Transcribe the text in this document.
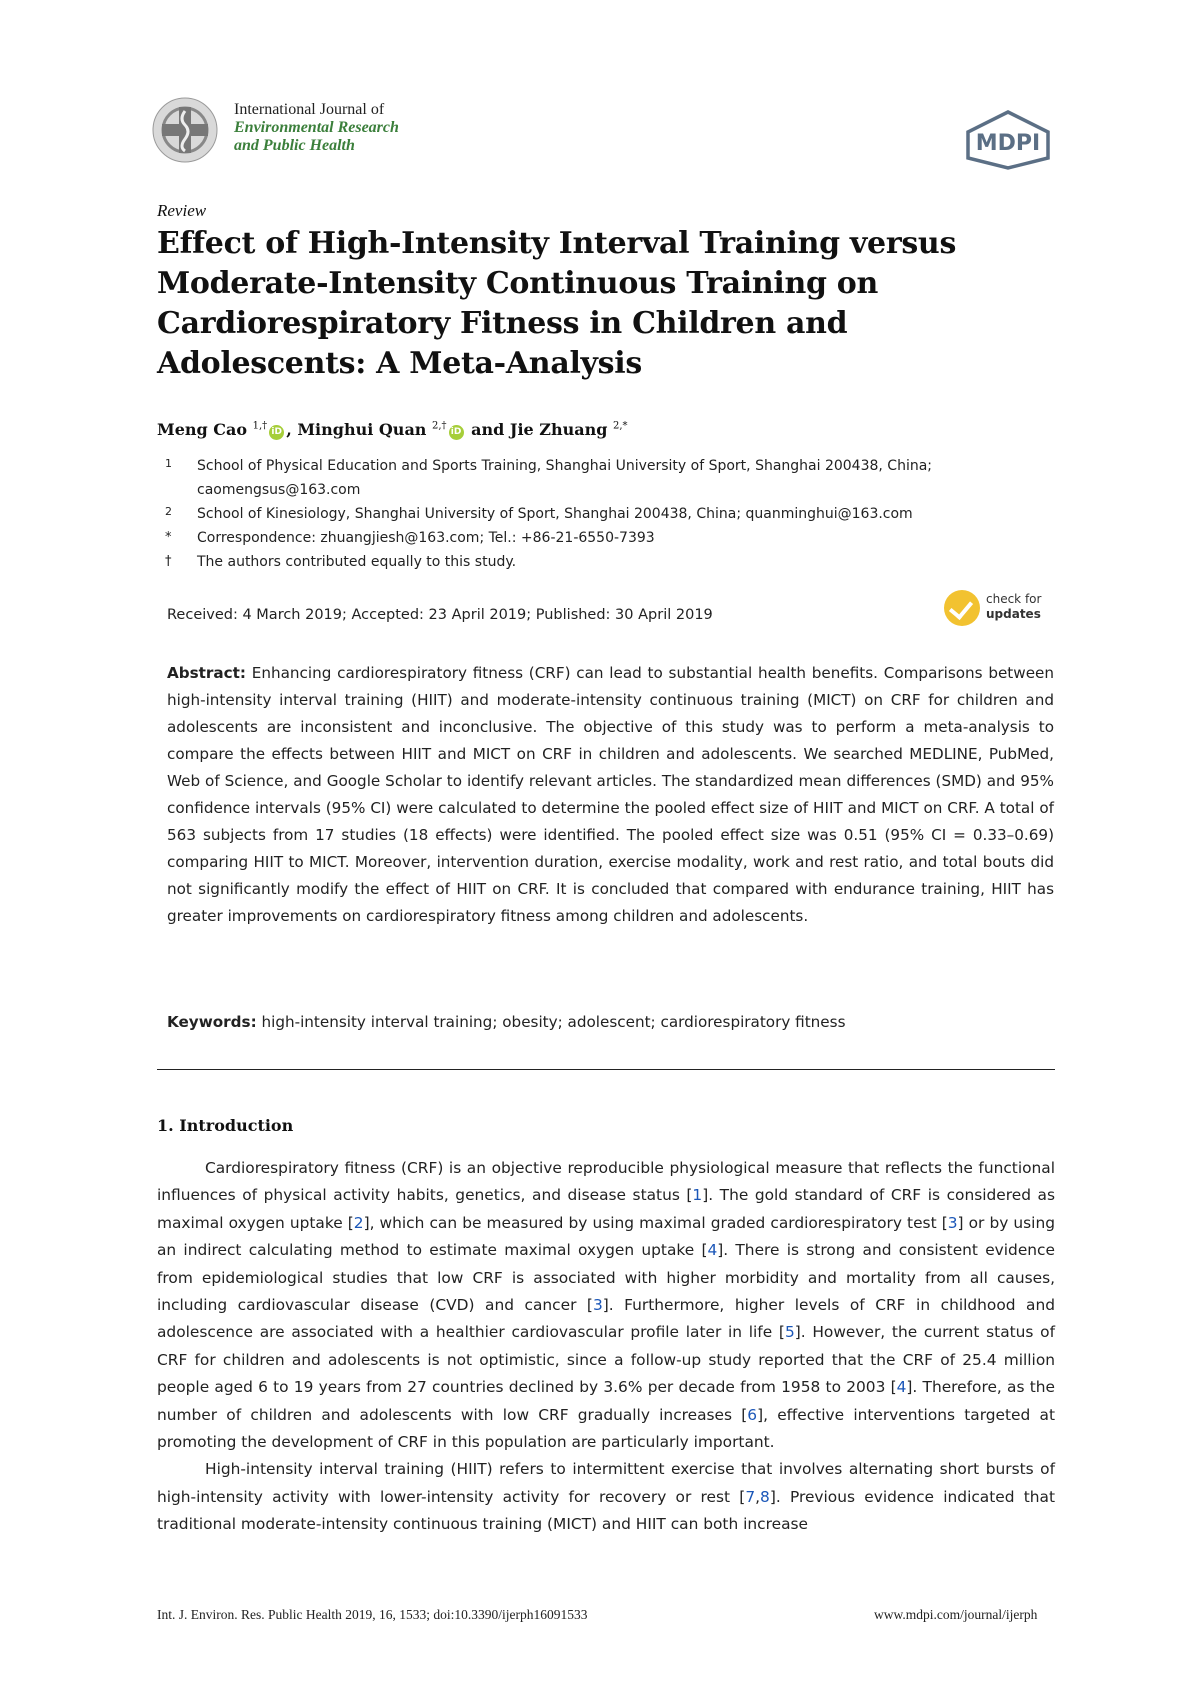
International Journal of
Environmental Research
and Public Health	MDPI
Review
Effect of High-Intensity Interval Training versus
Moderate-Intensity Continuous Training on
Cardiorespiratory Fitness in Children and
Adolescents: A Meta-Analysis
Meng Cao $^{1,\dagger}$iD , Minghui Quan $^{2,\dagger}$iD and Jie Zhuang $^{2,*}$
1 School of Physical Education and Sports Training, Shanghai University of Sport, Shanghai 200438, China; caomengsus@163.com
2 School of Kinesiology, Shanghai University of Sport, Shanghai 200438, China; quanminghui@163.com
* Correspondence: zhuangjiesh@163.com; Tel.: +86-21-6550-7393
† The authors contributed equally to this study.
Received: 4 March 2019; Accepted: 23 April 2019; Published: 30 April 2019
check for
updates
Abstract: Enhancing cardiorespiratory fitness (CRF) can lead to substantial health benefits. Comparisons between high-intensity interval training (HIIT) and moderate-intensity continuous training (MICT) on CRF for children and adolescents are inconsistent and inconclusive. The objective of this study was to perform a meta-analysis to compare the effects between HIIT and MICT on CRF in children and adolescents. We searched MEDLINE, PubMed, Web of Science, and Google Scholar to identify relevant articles. The standardized mean differences (SMD) and 95% confidence intervals (95% CI) were calculated to determine the pooled effect size of HIIT and MICT on CRF. A total of 563 subjects from 17 studies (18 effects) were identified. The pooled effect size was 0.51 (95% CI = 0.33–0.69) comparing HIIT to MICT. Moreover, intervention duration, exercise modality, work and rest ratio, and total bouts did not significantly modify the effect of HIIT on CRF. It is concluded that compared with endurance training, HIIT has greater improvements on cardiorespiratory fitness among children and adolescents.
Keywords: high-intensity interval training; obesity; adolescent; cardiorespiratory fitness
1. Introduction

Cardiorespiratory fitness (CRF) is an objective reproducible physiological measure that reflects the functional influences of physical activity habits, genetics, and disease status [1]. The gold standard of CRF is considered as maximal oxygen uptake [2], which can be measured by using maximal graded cardiorespiratory test [3] or by using an indirect calculating method to estimate maximal oxygen uptake [4]. There is strong and consistent evidence from epidemiological studies that low CRF is associated with higher morbidity and mortality from all causes, including cardiovascular disease (CVD) and cancer [3]. Furthermore, higher levels of CRF in childhood and adolescence are associated with a healthier cardiovascular profile later in life [5]. However, the current status of CRF for children and adolescents is not optimistic, since a follow-up study reported that the CRF of 25.4 million people aged 6 to 19 years from 27 countries declined by 3.6% per decade from 1958 to 2003 [4]. Therefore, as the number of children and adolescents with low CRF gradually increases [6], effective interventions targeted at promoting the development of CRF in this population are particularly important.

High-intensity interval training (HIIT) refers to intermittent exercise that involves alternating short bursts of high-intensity activity with lower-intensity activity for recovery or rest [7,8]. Previous evidence indicated that traditional moderate-intensity continuous training (MICT) and HIIT can both increase

Int. J. Environ. Res. Public Health 2019, 16, 1533; doi:10.3390/ijerph16091533	www.mdpi.com/journal/ijerph
